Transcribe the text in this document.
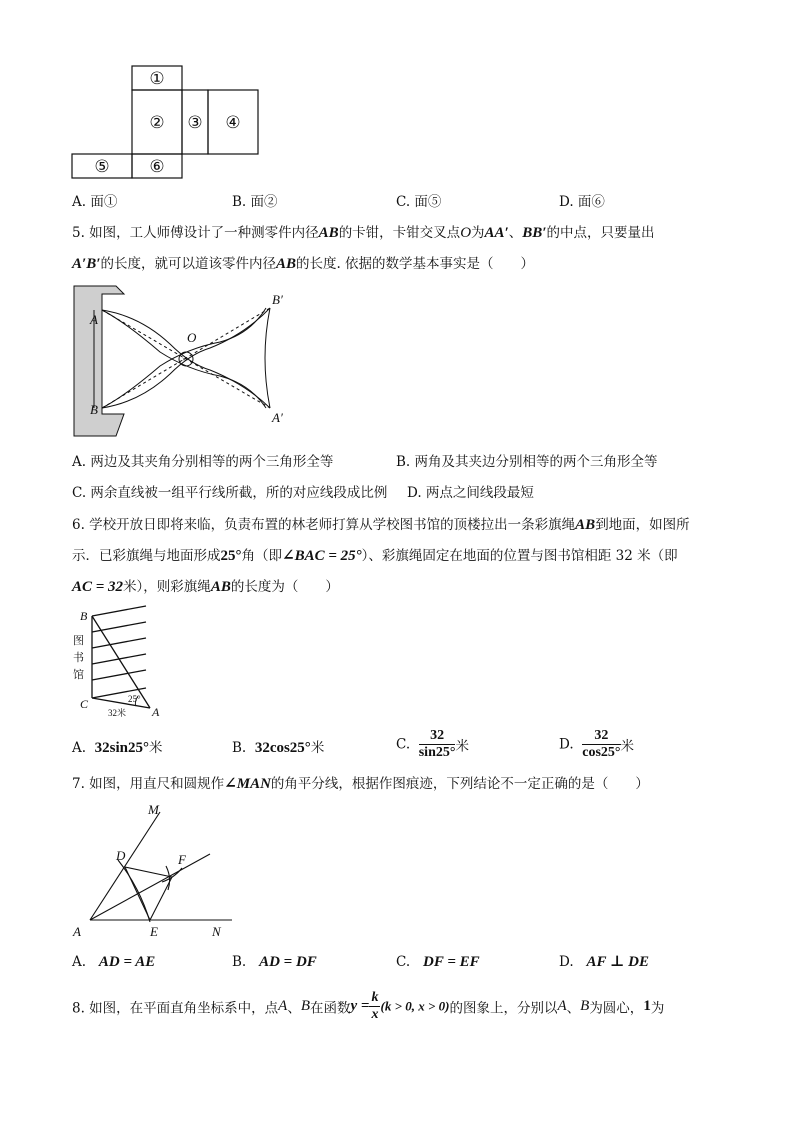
①
② ③ ④
⑤ ⑥
A. 面①	B. 面②	C. 面⑤	D. 面⑥
5. 如图，工人师傅设计了一种测零件内径AB的卡钳，卡钳交叉点O为AA′、BB′的中点，只要量出
A′B′的长度，就可以道该零件内径AB的长度. 依据的数学基本事实是（　　）
×
A
B
O
B′
A′
A. 两边及其夹角分别相等的两个三角形全等	B. 两角及其夹边分别相等的两个三角形全等
C. 两余直线被一组平行线所截，所的对应线段成比例 D. 两点之间线段最短
6. 学校开放日即将来临，负责布置的林老师打算从学校图书馆的顶楼拉出一条彩旗绳AB到地面，如图所
示．已彩旗绳与地面形成25°角（即∠BAC = 25°）、彩旗绳固定在地面的位置与图书馆相距 32 米（即
AC = 32米），则彩旗绳AB的长度为（　　）
B
C
A
图
书
馆
25°
32米
A. 32sin25°米	B. 32cos25°米	C. $\frac{32}{\sin 25^\circ}$ 米	D. $\frac{32}{\cos 25^\circ}$ 米
7. 如图，用直尺和圆规作∠MAN的角平分线，根据作图痕迹，下列结论不一定正确的是（　　）
M
D	F
A	E	N
A. AD = AE	B. AD = DF	C. DF = EF	D. AF ⊥ DE
8. 如图，在平面直角坐标系中，点A、B在函数$y = \frac{k}{x} (k > 0$, x > 0)的图象上，分别以A、B为圆心，1为
